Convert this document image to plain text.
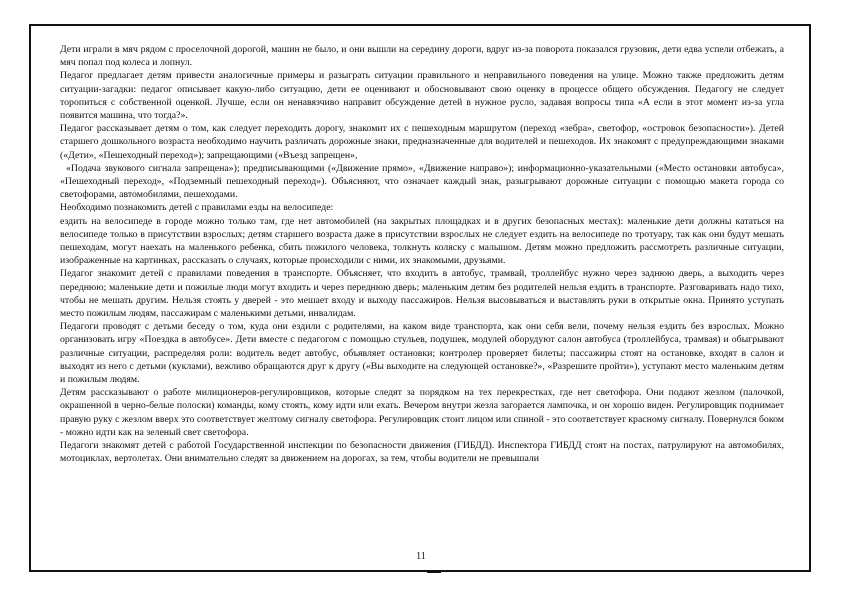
Дети играли в мяч рядом с проселочной дорогой, машин не было, и они вышли на середину дороги, вдруг из-за поворота показался грузовик, дети едва успели отбежать, а мяч попал под колеса и лопнул.

Педагог предлагает детям привести аналогичные примеры и разыграть ситуации правильного и неправильного поведения на улице. Можно также предложить детям ситуации-загадки: педагог описывает какую-либо ситуацию, дети ее оценивают и обосновывают свою оценку в процессе общего обсуждения. Педагогу не следует торопиться с собственной оценкой. Лучше, если он ненавязчиво направит обсуждение детей в нужное русло, задавая вопросы типа «А если в этот момент из-за угла появится машина, что тогда?».

Педагог рассказывает детям о том, как следует переходить дорогу, знакомит их с пешеходным маршрутом (переход «зебра», светофор, «островок безопасности»). Детей старшего дошкольного возраста необходимо научить различать дорожные знаки, предназначенные для водителей и пешеходов. Их знакомят с предупреждающими знаками («Дети», «Пешеходный переход»); запрещающими («Въезд запрещен»,

«Подача звукового сигнала запрещена»); предписывающими («Движение прямо», «Движение направо»); информационно-указательными («Место остановки автобуса», «Пешеходный переход», «Подземный пешеходный переход»). Объясняют, что означает каждый знак, разыгрывают дорожные ситуации с помощью макета города со светофорами, автомобилями, пешеходами.

Необходимо познакомить детей с правилами езды на велосипеде:

ездить на велосипеде в городе можно только там, где нет автомобилей (на закрытых площадках и в других безопасных местах): маленькие дети должны кататься на велосипеде только в присутствии взрослых; детям старшего возраста даже в присутствии взрослых не следует ездить на велосипеде по тротуару, так как они будут мешать пешеходам, могут наехать на маленького ребенка, сбить пожилого человека, толкнуть коляску с малышом. Детям можно предложить рассмотреть различные ситуации, изображенные на картинках, рассказать о случаях, которые происходили с ними, их знакомыми, друзьями.

Педагог знакомит детей с правилами поведения в транспорте. Объясняет, что входить в автобус, трамвай, троллейбус нужно через заднюю дверь, а выходить через переднюю; маленькие дети и пожилые люди могут входить и через переднюю дверь; маленьким детям без родителей нельзя ездить в транспорте. Разговаривать надо тихо, чтобы не мешать другим. Нельзя стоять у дверей - это мешает входу и выходу пассажиров. Нельзя высовываться и выставлять руки в открытые окна. Принято уступать место пожилым людям, пассажирам с маленькими детьми, инвалидам.

Педагоги проводят с детьми беседу о том, куда они ездили с родителями, на каком виде транспорта, как они себя вели, почему нельзя ездить без взрослых. Можно организовать игру «Поездка в автобусе». Дети вместе с педагогом с помощью стульев, подушек, модулей оборудуют салон автобуса (троллейбуса, трамвая) и обыгрывают различные ситуации, распределяя роли: водитель ведет автобус, объявляет остановки; контролер проверяет билеты; пассажиры стоят на остановке, входят в салон и выходят из него с детьми (куклами), вежливо обращаются друг к другу («Вы выходите на следующей остановке?», «Разрешите пройти»), уступают место маленьким детям и пожилым людям.

Детям рассказывают о работе милиционеров-регулировщиков, которые следят за порядком на тех перекрестках, где нет светофора. Они подают жезлом (палочкой, окрашенной в черно-белые полоски) команды, кому стоять, кому идти или ехать. Вечером внутри жезла загорается лампочка, и он хорошо виден. Регулировщик поднимает правую руку с жезлом вверх это соответствует желтому сигналу светофора. Регулировщик стоит лицом или спиной - это соответствует красному сигналу. Повернулся боком - можно идти как на зеленый свет светофора.

Педагоги знакомят детей с работой Государственной инспекции по безопасности движения (ГИБДД). Инспектора ГИБДД стоят на постах, патрулируют на автомобилях, мотоциклах, вертолетах. Они внимательно следят за движением на дорогах, за тем, чтобы водители не превышали

11
